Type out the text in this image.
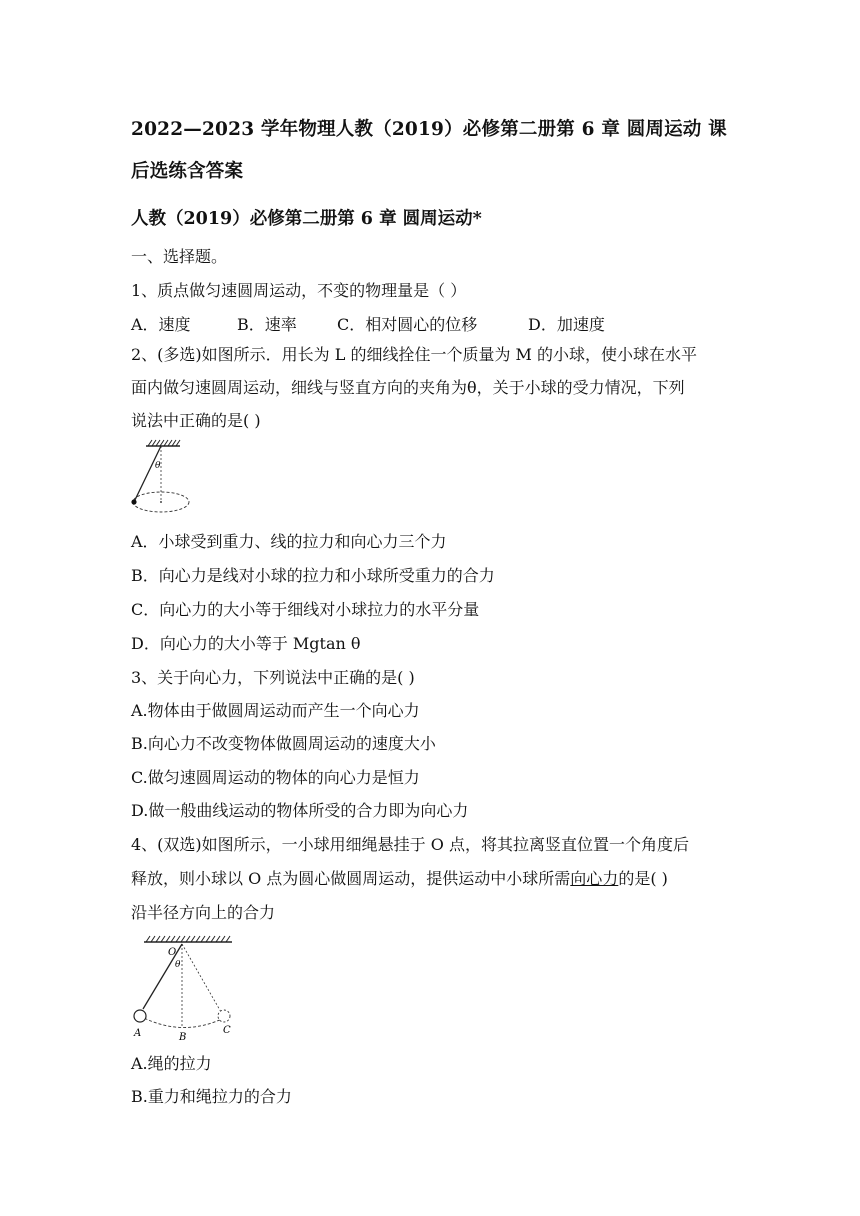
2022—2023 学年物理人教（2019）必修第二册第 6 章 圆周运动 课
后选练含答案
人教（2019）必修第二册第 6 章 圆周运动*
一、选择题。
1、质点做匀速圆周运动，不变的物理量是（ ）
A．速度	B．速率	C．相对圆心的位移	D．加速度
2、(多选)如图所示．用长为 L 的细线拴住一个质量为 M 的小球，使小球在水平
面内做匀速圆周运动，细线与竖直方向的夹角为θ，关于小球的受力情况，下列
说法中正确的是( )
θ
A．小球受到重力、线的拉力和向心力三个力
B．向心力是线对小球的拉力和小球所受重力的合力
C．向心力的大小等于细线对小球拉力的水平分量
D．向心力的大小等于 Mgtan θ
3、关于向心力，下列说法中正确的是( )
A.物体由于做圆周运动而产生一个向心力
B.向心力不改变物体做圆周运动的速度大小
C.做匀速圆周运动的物体的向心力是恒力
D.做一般曲线运动的物体所受的合力即为向心力
4、(双选)如图所示，一小球用细绳悬挂于 O 点，将其拉离竖直位置一个角度后
释放，则小球以 O 点为圆心做圆周运动，提供运动中小球所需向心力的是( )
沿半径方向上的合力
O
θ
A	B
C
A.绳的拉力
B.重力和绳拉力的合力
